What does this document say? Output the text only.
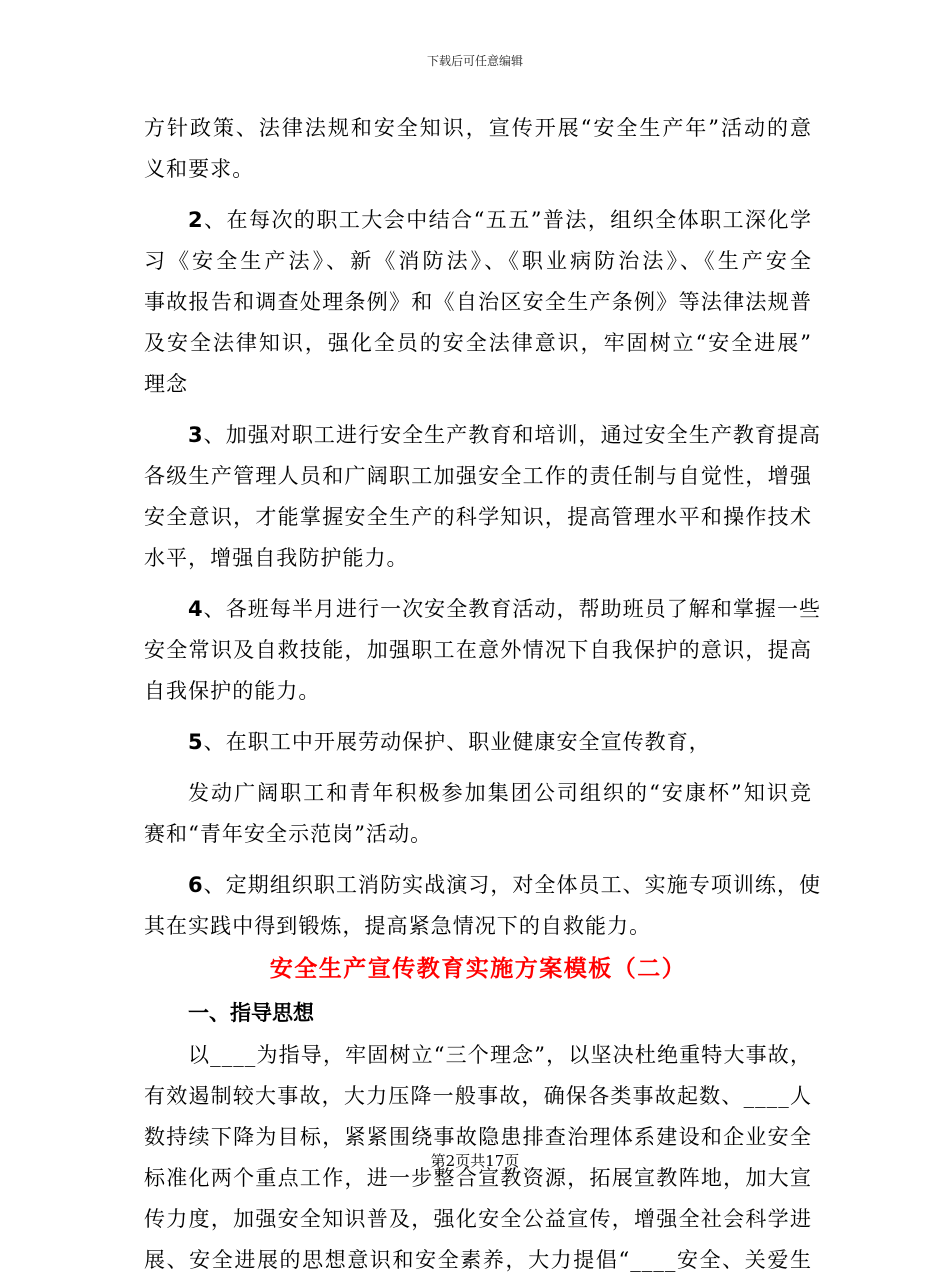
下载后可任意编辑
方针政策、法律法规和安全知识，宣传开展“安全生产年”活动的意
义和要求。
2、在每次的职工大会中结合“五五”普法，组织全体职工深化学
习《安全生产法》、新《消防法》、《职业病防治法》、《生产安全
事故报告和调查处理条例》和《自治区安全生产条例》等法律法规普
及安全法律知识，强化全员的安全法律意识，牢固树立“安全进展”
理念
3、加强对职工进行安全生产教育和培训，通过安全生产教育提高
各级生产管理人员和广阔职工加强安全工作的责任制与自觉性，增强
安全意识，才能掌握安全生产的科学知识，提高管理水平和操作技术
水平，增强自我防护能力。
4、各班每半月进行一次安全教育活动，帮助班员了解和掌握一些
安全常识及自救技能，加强职工在意外情况下自我保护的意识，提高
自我保护的能力。
5、在职工中开展劳动保护、职业健康安全宣传教育，
发动广阔职工和青年积极参加集团公司组织的“安康杯”知识竞
赛和“青年安全示范岗”活动。
6、定期组织职工消防实战演习，对全体员工、实施专项训练，使
其在实践中得到锻炼，提高紧急情况下的自救能力。
安全生产宣传教育实施方案模板（二）
一、指导思想
以____为指导，牢固树立“三个理念”，以坚决杜绝重特大事故，
有效遏制较大事故，大力压降一般事故，确保各类事故起数、____人
数持续下降为目标，紧紧围绕事故隐患排查治理体系建设和企业安全
标准化两个重点工作，进一步整合宣教资源，拓展宣教阵地，加大宣
传力度，加强安全知识普及，强化安全公益宣传，增强全社会科学进
展、安全进展的思想意识和安全素养，大力提倡“____安全、关爱生
第2页共17页
